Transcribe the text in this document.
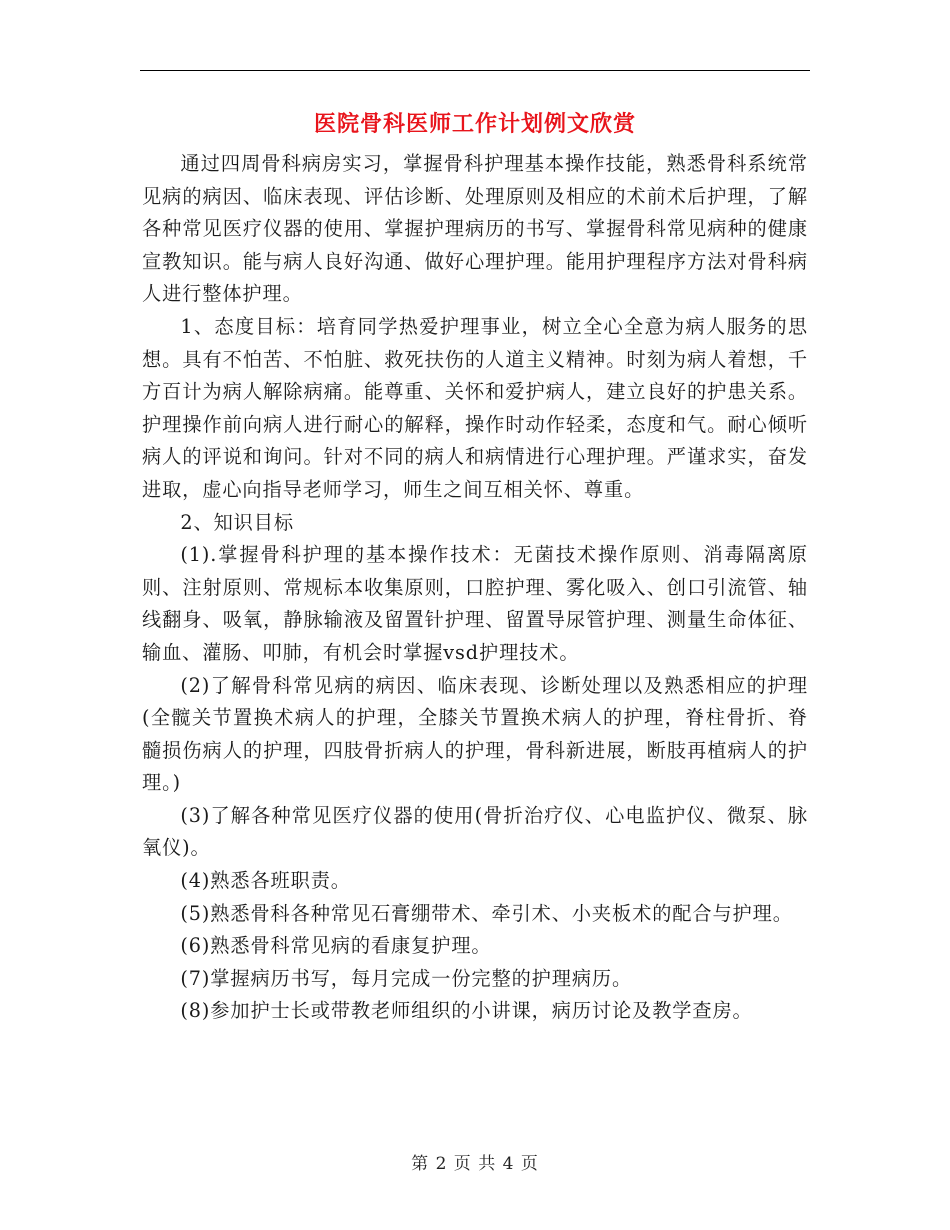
医院骨科医师工作计划例文欣赏

通过四周骨科病房实习，掌握骨科护理基本操作技能，熟悉骨科系统常见病的病因、临床表现、评估诊断、处理原则及相应的术前术后护理，了解各种常见医疗仪器的使用、掌握护理病历的书写、掌握骨科常见病种的健康宣教知识。能与病人良好沟通、做好心理护理。能用护理程序方法对骨科病人进行整体护理。

1、态度目标：培育同学热爱护理事业，树立全心全意为病人服务的思想。具有不怕苦、不怕脏、救死扶伤的人道主义精神。时刻为病人着想，千方百计为病人解除病痛。能尊重、关怀和爱护病人，建立良好的护患关系。护理操作前向病人进行耐心的解释，操作时动作轻柔，态度和气。耐心倾听病人的评说和询问。针对不同的病人和病情进行心理护理。严谨求实，奋发进取，虚心向指导老师学习，师生之间互相关怀、尊重。

2、知识目标

(1).掌握骨科护理的基本操作技术：无菌技术操作原则、消毒隔离原则、注射原则、常规标本收集原则，口腔护理、雾化吸入、创口引流管、轴线翻身、吸氧，静脉输液及留置针护理、留置导尿管护理、测量生命体征、输血、灌肠、叩肺，有机会时掌握vsd护理技术。

(2)了解骨科常见病的病因、临床表现、诊断处理以及熟悉相应的护理(全髋关节置换术病人的护理，全膝关节置换术病人的护理，脊柱骨折、脊髓损伤病人的护理，四肢骨折病人的护理，骨科新进展，断肢再植病人的护理。)

(3)了解各种常见医疗仪器的使用(骨折治疗仪、心电监护仪、微泵、脉氧仪)。

(4)熟悉各班职责。

(5)熟悉骨科各种常见石膏绷带术、牵引术、小夹板术的配合与护理。

(6)熟悉骨科常见病的看康复护理。

(7)掌握病历书写，每月完成一份完整的护理病历。

(8)参加护士长或带教老师组织的小讲课，病历讨论及教学查房。

第 2 页 共 4 页
